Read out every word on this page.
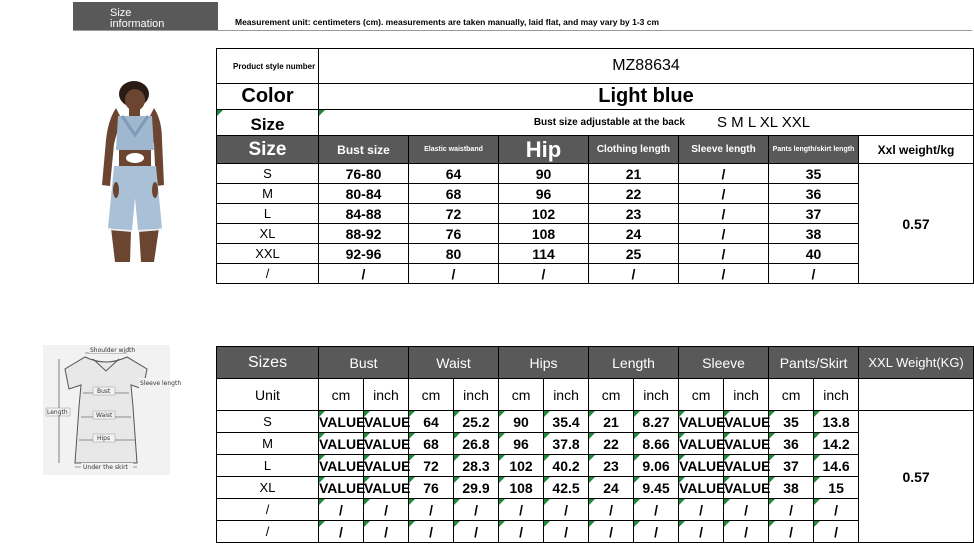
Size
information	Measurement unit: centimeters (cm). measurements are taken manually, laid flat, and may vary by 1-3 cm
Shoulder width
Sleeve length
Length
Bust
Waist
Hips
Under the skirt
Product style number	MZ88634						
Color	Light blue						
Size	Bust size adjustable at the back S M L XL XXL						

Size	Bust size	Elastic waistband	Hip	Clothing length	Sleeve length	Pants length/skirt length	Xxl weight/kg
S	76-80	64	90	21	/	35	0.57
M	80-84	68	96	22	/	36	
L	84-88	72	102	23	/	37	
XL	88-92	76	108	24	/	38	
XXL	92-96	80	114	25	/	40	
/	/	/	/	/	/	/	
Sizes	Bust		Waist		Hips		Length		Sleeve		Pants/Skirt		XXL Weight(KG)
Unit	cm	inch	cm	inch	cm	inch	cm	inch	cm	inch	cm	inch	
S	VALUE	VALUE	64	25.2	90	35.4	21	8.27	VALUE	VALUE	35	13.8	0.57
M	VALUE	VALUE	68	26.8	96	37.8	22	8.66	VALUE	VALUE	36	14.2	
L	VALUE	VALUE	72	28.3	102	40.2	23	9.06	VALUE	VALUE	37	14.6	
XL	VALUE	VALUE	76	29.9	108	42.5	24	9.45	VALUE	VALUE	38	15	
/	/	/	/	/	/	/	/	/	/	/	/	/	
/	/	/	/	/	/	/	/	/	/	/	/	/	
